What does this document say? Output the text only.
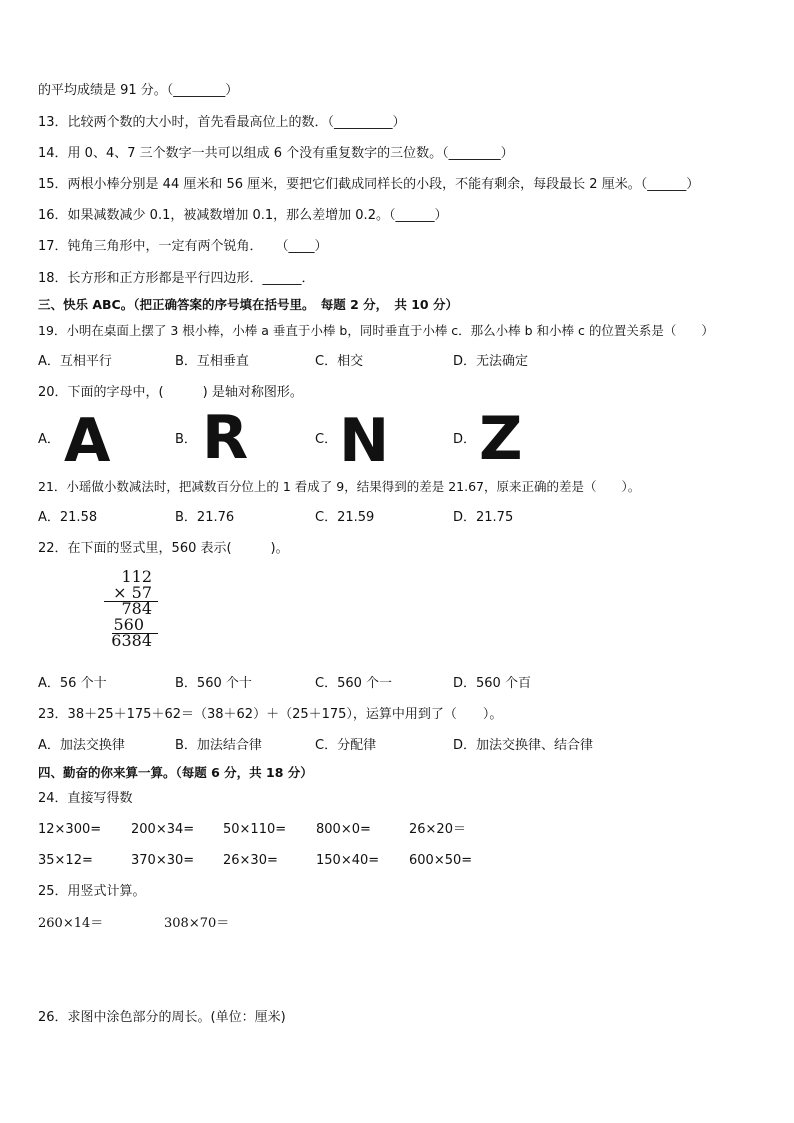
的平均成绩是 91 分。（________）
13．比较两个数的大小时，首先看最高位上的数．（_________）
14．用 0、4、7 三个数字一共可以组成 6 个没有重复数字的三位数。（________）
15．两根小棒分别是 44 厘米和 56 厘米，要把它们截成同样长的小段，不能有剩余，每段最长 2 厘米。（______）
16．如果减数减少 0.1，被减数增加 0.1，那么差增加 0.2。（______）
17．钝角三角形中，一定有两个锐角．　　（____）
18．长方形和正方形都是平行四边形．______．
三、快乐 ABC。（把正确答案的序号填在括号里。　每题 2 分，　共 10 分）
19．小明在桌面上摆了 3 根小棒，小棒 a 垂直于小棒 b，同时垂直于小棒 c．那么小棒 b 和小棒 c 的位置关系是（　　）
A．互相平行	B．互相垂直	C．相交	D．无法确定
20．下面的字母中，(　　　) 是轴对称图形。
A． A	B． R	C． N	D． Z
21．小瑶做小数减法时，把减数百分位上的 1 看成了 9，结果得到的差是 21.67，原来正确的差是（　　）。
A．21.58	B．21.76	C．21.59	D．21.75
22．在下面的竖式里，560 表示(　　　)。
112
× 57
784
560
6384
A．56 个十	B．560 个十	C．560 个一	D．560 个百
23．38＋25＋175＋62＝（38＋62）＋（25＋175），运算中用到了（　　）。
A．加法交换律	B．加法结合律	C．分配律	D．加法交换律、结合律
四、勤奋的你来算一算。（每题 6 分，共 18 分）
24．直接写得数
12×300= 200×34= 50×110= 800×0=	26×20＝
35×12=	370×30= 26×30=	150×40= 600×50=
25．用竖式计算。
260×14＝	308×70＝
26．求图中涂色部分的周长。(单位：厘米)
